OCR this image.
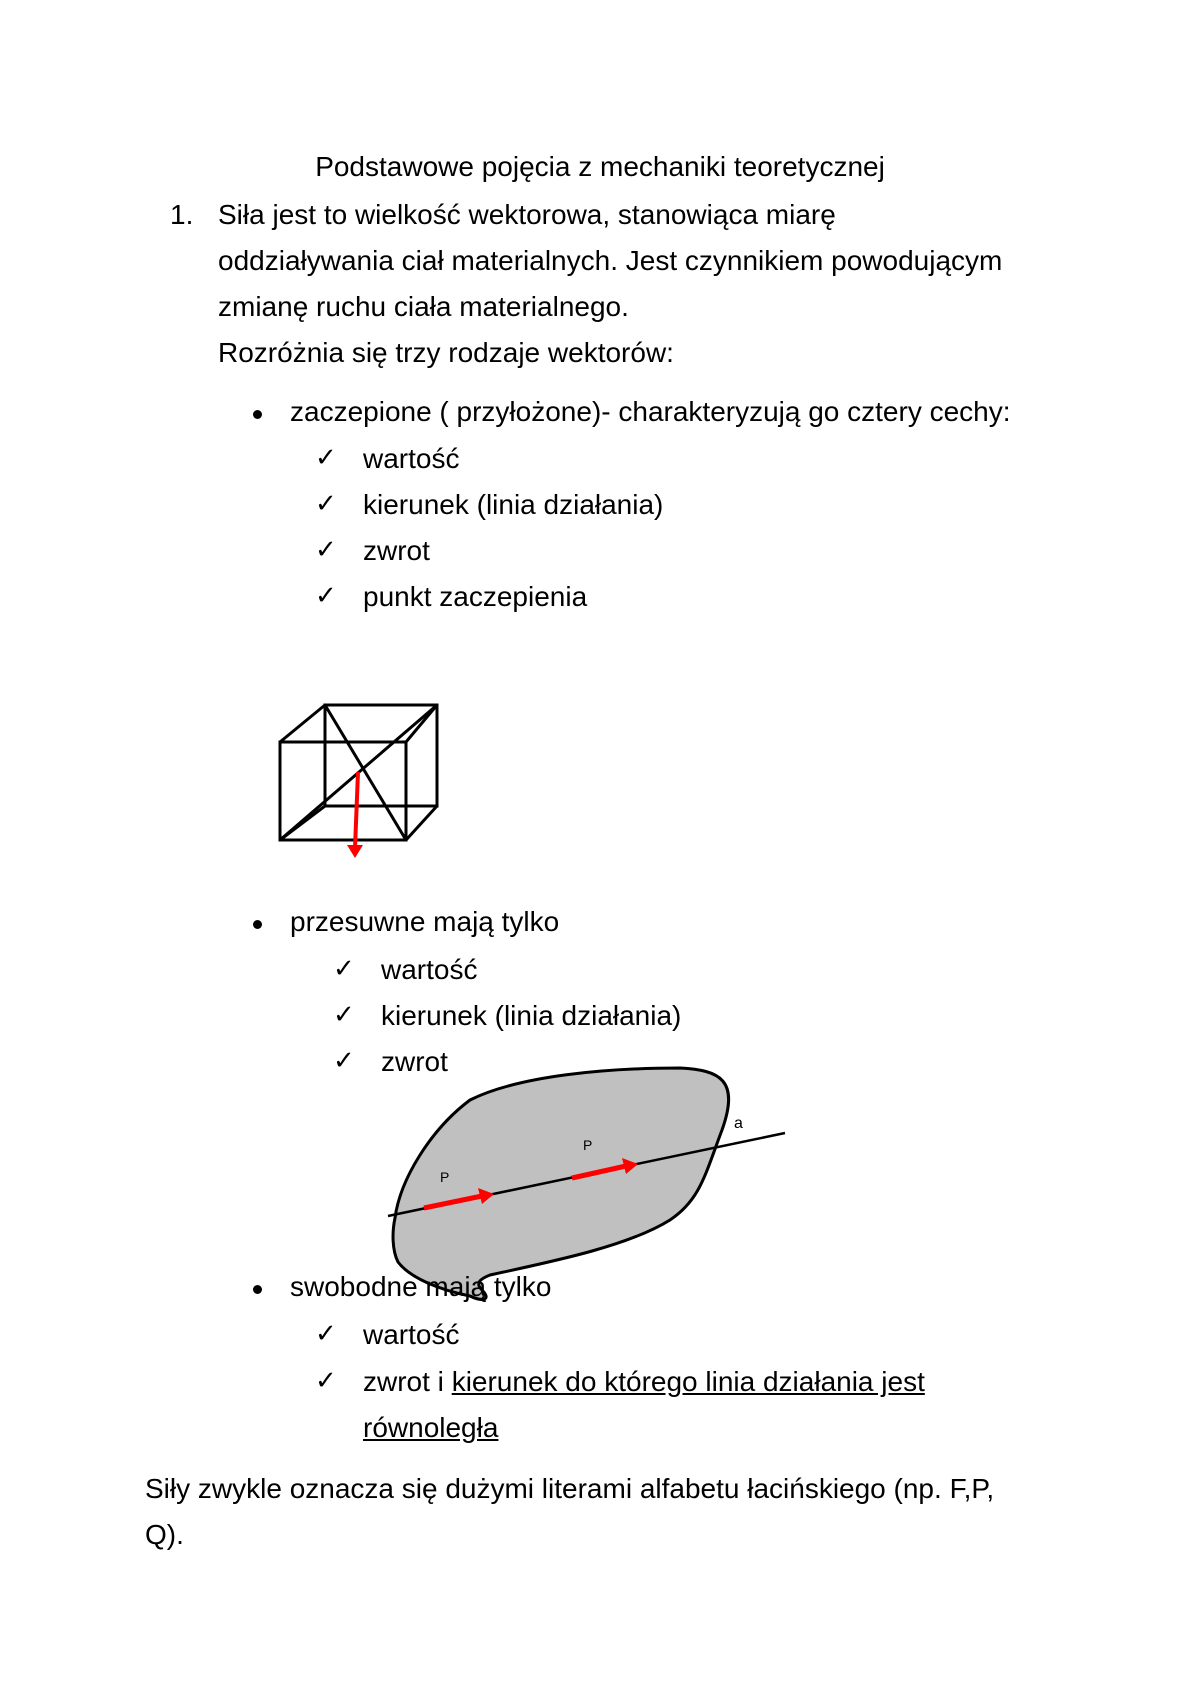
Podstawowe pojęcia z mechaniki teoretycznej

1. Siła jest to wielkość wektorowa, stanowiąca miarę

oddziaływania ciał materialnych. Jest czynnikiem powodującym

zmianę ruchu ciała materialnego.

Rozróżnia się trzy rodzaje wektorów:

zaczepione ( przyłożone)- charakteryzują go cztery cechy:

✓ wartość

✓ kierunek (linia działania)

✓ zwrot

✓ punkt zaczepienia

przesuwne mają tylko

✓ wartość

✓ kierunek (linia działania)

✓ zwrot

a
P
P

swobodne mają tylko

✓ wartość

✓ zwrot i kierunek do którego linia działania jest

równoległa

Siły zwykle oznacza się dużymi literami alfabetu łacińskiego (np. F,P,

Q).
